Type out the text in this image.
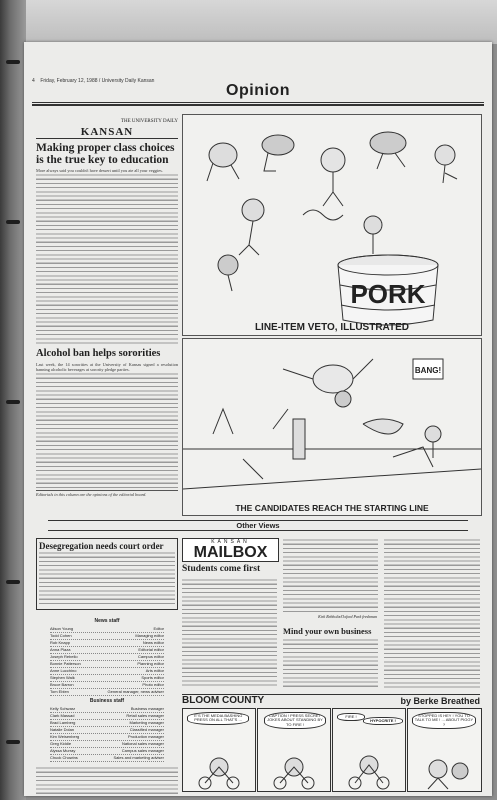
4 Friday, February 12, 1988 / University Daily Kansan
Opinion
THE UNIVERSITY DAILY
KANSAN
Making proper class choices is the true key to education
More always said you couldn't have dessert until you ate all your veggies.
Alcohol ban helps sororities
Last week, the 14 sororities at the University of Kansas signed a resolution banning alcoholic beverages at sorority pledge parties.
Editorials in this column are the opinions of the editorial board.
PORK
LINE-ITEM VETO, ILLUSTRATED
BANG!
THE CANDIDATES REACH THE STARTING LINE
Other Views
Desegregation needs court order
News staff
Alison Young	Editor
Todd Cohen	Managing editor
Rob Knapp	News editor
Anna Plaza	Editorial editor
Joseph Rebello	Campus editor
Bonnie Patterson	Planning editor
Anne Lucchino	Arts editor
Stephen Walk	Sports editor
Bruce Barron	Photo editor
Tom Eblen	General manager, news adviser
Business staff
Kelly Schwarz	Business manager
Clark Massad	Retail sales manager
Brad Lamberg	Marketing manager
Natalie Dolan	Classified manager
Kim Weisenberg	Production manager
Greg Kiddie	National sales manager
Alyssa Murray	Campus sales manager
Chuck Chowins	Sales and marketing adviser
KANSAN
MAILBOX
Students come first
Kirk Rebholtz/Oxford Park freshman
Mind your own business
BLOOM COUNTY	by Berke Breathed
IT'S THE MEDIA BASHING PRESS ON ALL THAT'S ...
CAPTION ! PRESS SECRET JOKES ABOUT STANDING BY TO FIRE !
FIRE !
HYPOCRITE !
STOPPED IS HEY ! YOU TO TALK TO ME ! ... ABOUT PIGGY ?
